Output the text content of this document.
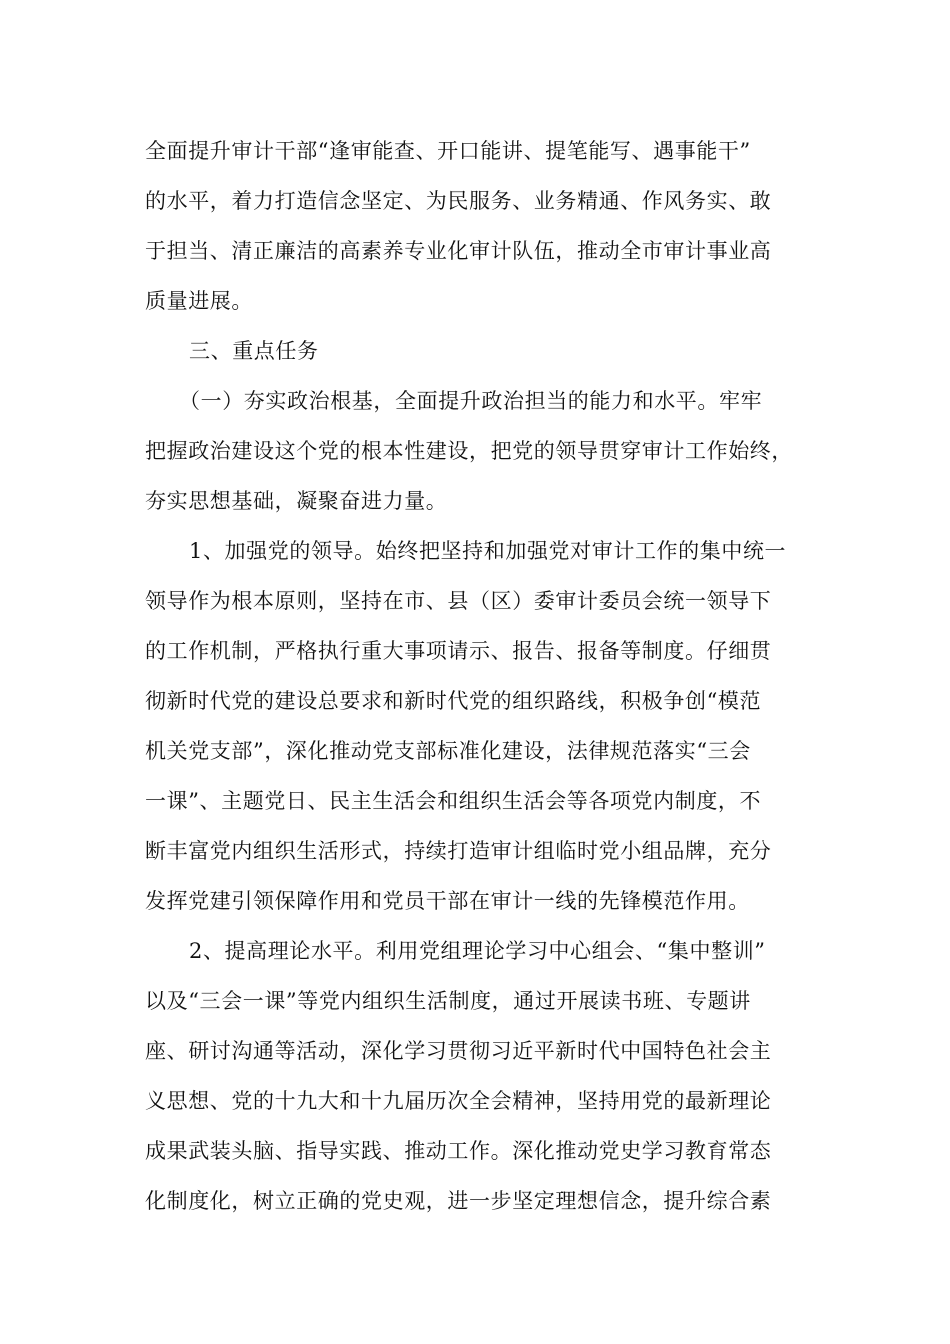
全面提升审计干部“逢审能查、开口能讲、提笔能写、遇事能干”
的水平，着力打造信念坚定、为民服务、业务精通、作风务实、敢
于担当、清正廉洁的高素养专业化审计队伍，推动全市审计事业高
质量进展。
三、重点任务
（一）夯实政治根基，全面提升政治担当的能力和水平。牢牢
把握政治建设这个党的根本性建设，把党的领导贯穿审计工作始终，
夯实思想基础，凝聚奋进力量。
1、加强党的领导。始终把坚持和加强党对审计工作的集中统一
领导作为根本原则，坚持在市、县（区）委审计委员会统一领导下
的工作机制，严格执行重大事项请示、报告、报备等制度。仔细贯
彻新时代党的建设总要求和新时代党的组织路线，积极争创“模范
机关党支部”，深化推动党支部标准化建设，法律规范落实“三会
一课”、主题党日、民主生活会和组织生活会等各项党内制度，不
断丰富党内组织生活形式，持续打造审计组临时党小组品牌，充分
发挥党建引领保障作用和党员干部在审计一线的先锋模范作用。
2、提高理论水平。利用党组理论学习中心组会、“集中整训”
以及“三会一课”等党内组织生活制度，通过开展读书班、专题讲
座、研讨沟通等活动，深化学习贯彻习近平新时代中国特色社会主
义思想、党的十九大和十九届历次全会精神，坚持用党的最新理论
成果武装头脑、指导实践、推动工作。深化推动党史学习教育常态
化制度化，树立正确的党史观，进一步坚定理想信念，提升综合素
